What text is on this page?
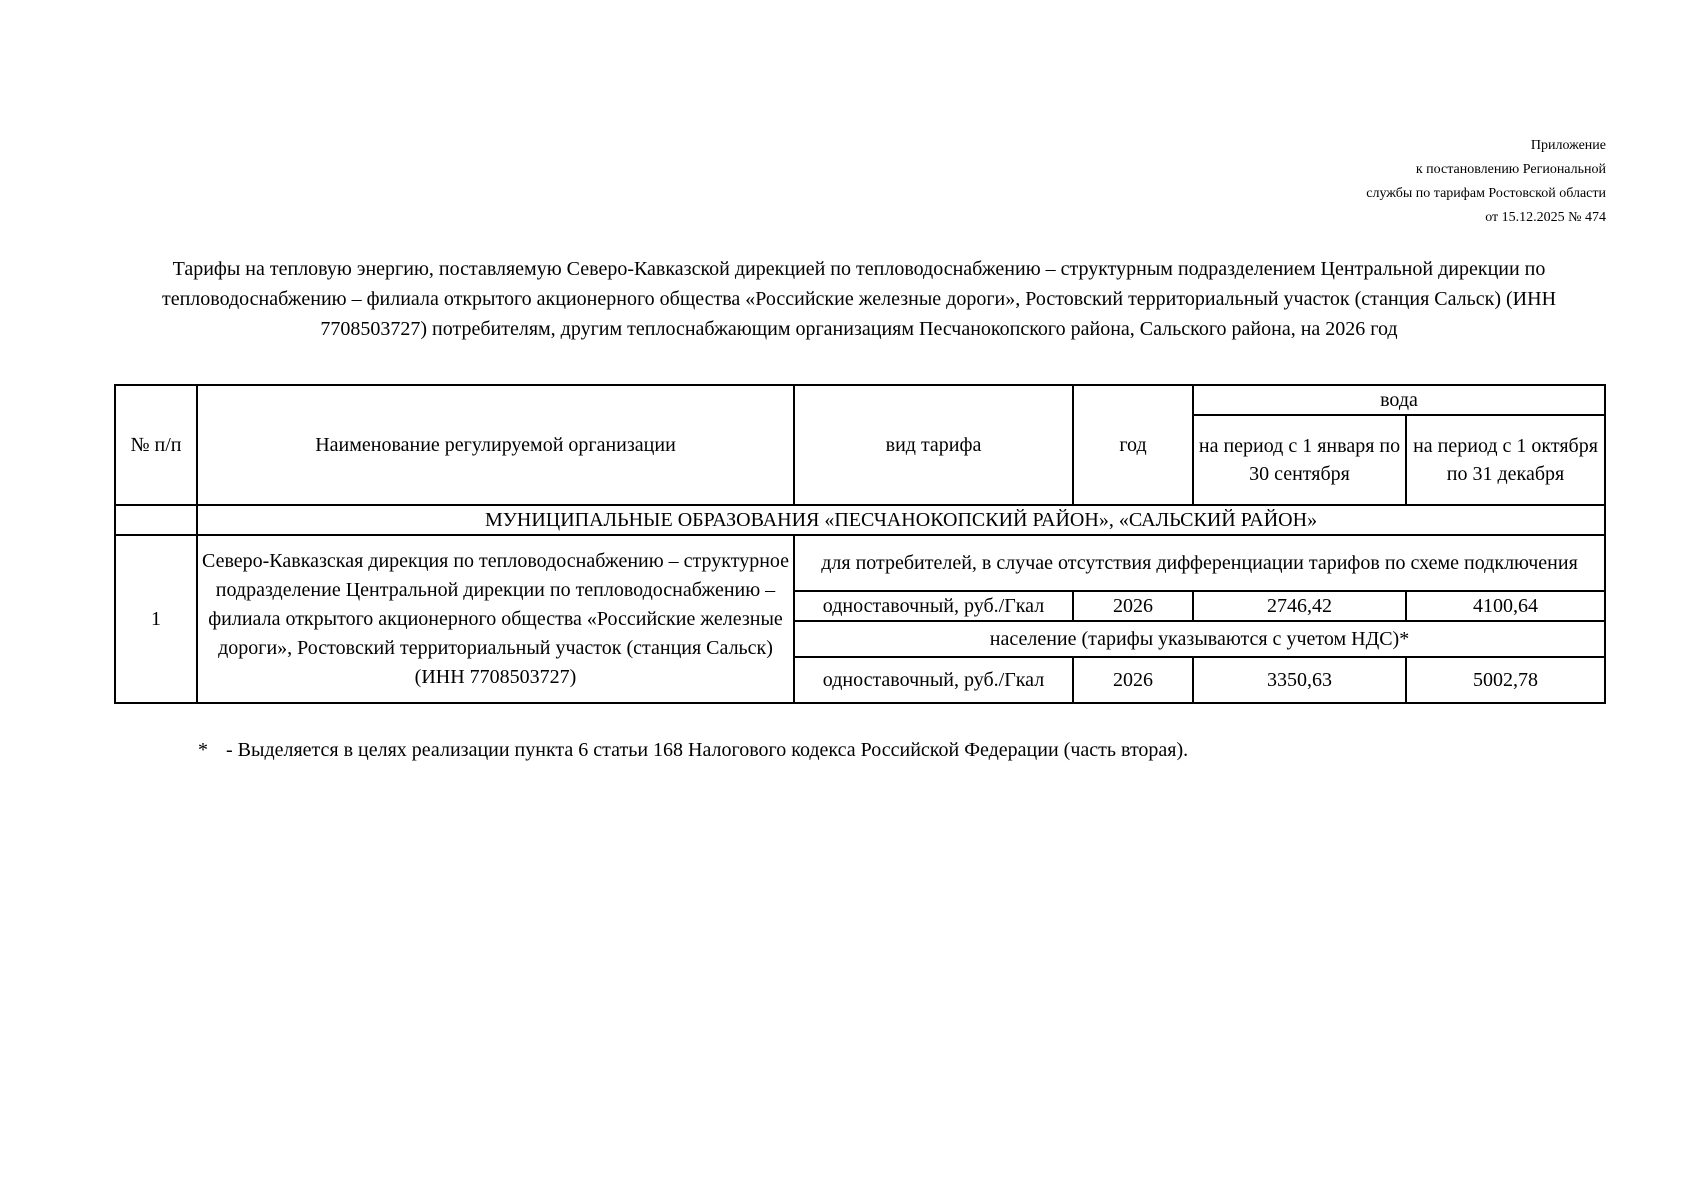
Приложение
к постановлению Региональной
службы по тарифам Ростовской области
от 15.12.2025 № 474
Тарифы на тепловую энергию, поставляемую Северо-Кавказской дирекцией по тепловодоснабжению – структурным подразделением Центральной дирекции по тепловодоснабжению – филиала открытого акционерного общества «Российские железные дороги», Ростовский территориальный участок (станция Сальск) (ИНН 7708503727) потребителям, другим теплоснабжающим организациям Песчанокопского района, Сальского района, на 2026 год
№ п/п	Наименование регулируемой организации	вид тарифа	год	вода	
				на период с 1 января по 30 сентября	на период с 1 октября по 31 декабря
	МУНИЦИПАЛЬНЫЕ ОБРАЗОВАНИЯ «ПЕСЧАНОКОПСКИЙ РАЙОН», «САЛЬСКИЙ РАЙОН»				
1	Северо-Кавказская дирекция по тепловодоснабжению – структурное подразделение Центральной дирекции по тепловодоснабжению – филиала открытого акционерного общества «Российские железные дороги», Ростовский территориальный участок (станция Сальск) (ИНН 7708503727)	для потребителей, в случае отсутствия дифференциации тарифов по схеме подключения			
		одноставочный, руб./Гкал	2026	2746,42	4100,64
		население (тарифы указываются с учетом НДС)*			
		одноставочный, руб./Гкал	2026	3350,63	5002,78
* - Выделяется в целях реализации пункта 6 статьи 168 Налогового кодекса Российской Федерации (часть вторая).
